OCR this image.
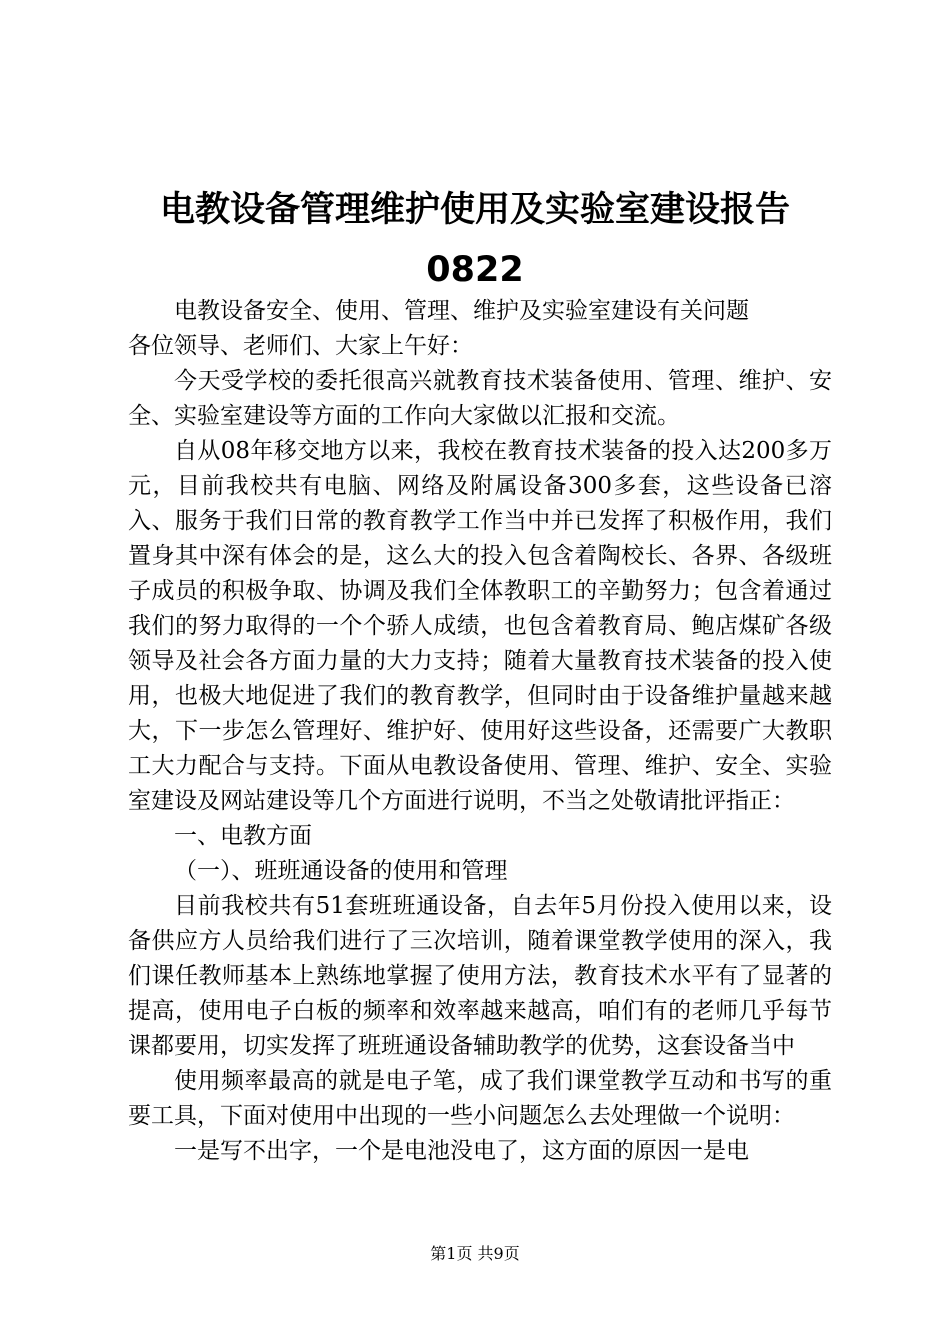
电教设备管理维护使用及实验室建设报告

0822

电教设备安全、使用、管理、维护及实验室建设有关问题

各位领导、老师们、大家上午好：

今天受学校的委托很高兴就教育技术装备使用、管理、维护、安全、实验室建设等方面的工作向大家做以汇报和交流。

自从08年移交地方以来，我校在教育技术装备的投入达200多万元，目前我校共有电脑、网络及附属设备300多套，这些设备已溶入、服务于我们日常的教育教学工作当中并已发挥了积极作用，我们置身其中深有体会的是，这么大的投入包含着陶校长、各界、各级班子成员的积极争取、协调及我们全体教职工的辛勤努力；包含着通过我们的努力取得的一个个骄人成绩，也包含着教育局、鲍店煤矿各级领导及社会各方面力量的大力支持；随着大量教育技术装备的投入使用，也极大地促进了我们的教育教学，但同时由于设备维护量越来越大，下一步怎么管理好、维护好、使用好这些设备，还需要广大教职工大力配合与支持。下面从电教设备使用、管理、维护、安全、实验室建设及网站建设等几个方面进行说明，不当之处敬请批评指正：

一、电教方面

（一）、班班通设备的使用和管理

目前我校共有51套班班通设备，自去年5月份投入使用以来，设备供应方人员给我们进行了三次培训，随着课堂教学使用的深入，我们课任教师基本上熟练地掌握了使用方法，教育技术水平有了显著的提高，使用电子白板的频率和效率越来越高，咱们有的老师几乎每节课都要用，切实发挥了班班通设备辅助教学的优势，这套设备当中

使用频率最高的就是电子笔，成了我们课堂教学互动和书写的重要工具，下面对使用中出现的一些小问题怎么去处理做一个说明：

一是写不出字，一个是电池没电了，这方面的原因一是电

第1页 共9页
